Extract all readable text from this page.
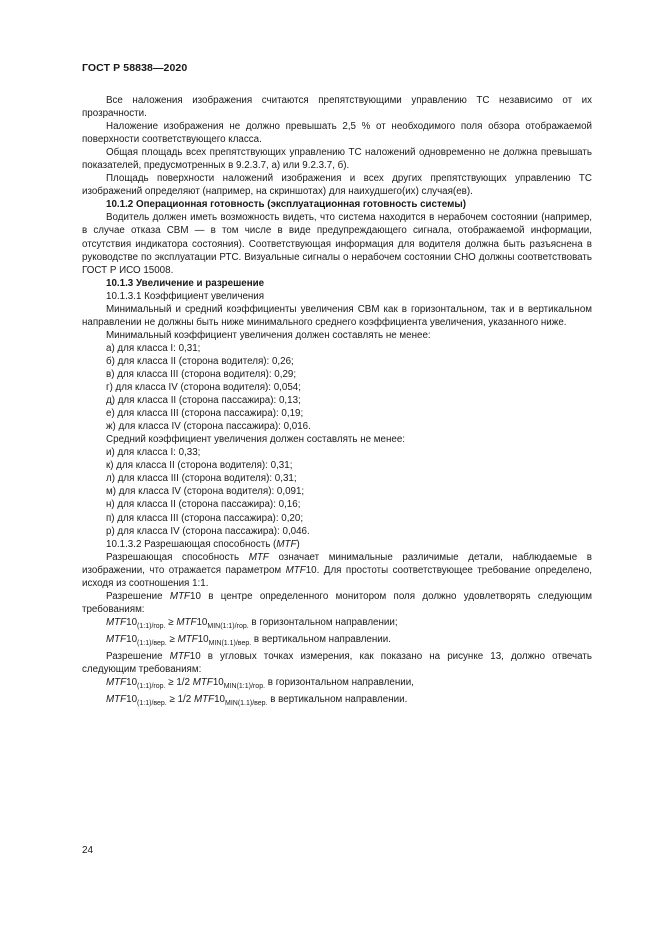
ГОСТ Р 58838—2020

Все наложения изображения считаются препятствующими управлению ТС независимо от их прозрачности.

Наложение изображения не должно превышать 2,5 % от необходимого поля обзора отображаемой поверхности соответствующего класса.

Общая площадь всех препятствующих управлению ТС наложений одновременно не должна превышать показателей, предусмотренных в 9.2.3.7, а) или 9.2.3.7, б).

Площадь поверхности наложений изображения и всех других препятствующих управлению ТС изображений определяют (например, на скриншотах) для наихудшего(их) случая(ев).

10.1.2 Операционная готовность (эксплуатационная готовность системы)

Водитель должен иметь возможность видеть, что система находится в нерабочем состоянии (например, в случае отказа СВМ — в том числе в виде предупреждающего сигнала, отображаемой информации, отсутствия индикатора состояния). Соответствующая информация для водителя должна быть разъяснена в руководстве по эксплуатации РТС. Визуальные сигналы о нерабочем состоянии СНО должны соответствовать ГОСТ Р ИСО 15008.

10.1.3 Увеличение и разрешение

10.1.3.1 Коэффициент увеличения

Минимальный и средний коэффициенты увеличения СВМ как в горизонтальном, так и в вертикальном направлении не должны быть ниже минимального среднего коэффициента увеличения, указанного ниже.

Минимальный коэффициент увеличения должен составлять не менее:

а) для класса I: 0,31;

б) для класса II (сторона водителя): 0,26;

в) для класса III (сторона водителя): 0,29;

г) для класса IV (сторона водителя): 0,054;

д) для класса II (сторона пассажира): 0,13;

е) для класса III (сторона пассажира): 0,19;

ж) для класса IV (сторона пассажира): 0,016.

Средний коэффициент увеличения должен составлять не менее:

и) для класса I: 0,33;

к) для класса II (сторона водителя): 0,31;

л) для класса III (сторона водителя): 0,31;

м) для класса IV (сторона водителя): 0,091;

н) для класса II (сторона пассажира): 0,16;

п) для класса III (сторона пассажира): 0,20;

р) для класса IV (сторона пассажира): 0,046.

10.1.3.2 Разрешающая способность (MTF)

Разрешающая способность MTF означает минимальные различимые детали, наблюдаемые в изображении, что отражается параметром MTF10. Для простоты соответствующее требование определено, исходя из соотношения 1:1.

Разрешение MTF10 в центре определенного монитором поля должно удовлетворять следующим требованиям:

$MTF10_{(1:1)/гор.} \ge MTF10_{MIN(1:1)/гор.}$ в горизонтальном направлении;

$MTF10_{(1:1)/вер.} \ge MTF10_{MIN(1.1)/вер.}$ в вертикальном направлении.

Разрешение MTF10 в угловых точках измерения, как показано на рисунке 13, должно отвечать следующим требованиям:

$MTF10_{(1:1)/гор.} \ge 1/2$ $MTF10_{MIN(1:1)/гор.}$ в горизонтальном направлении,

$MTF10_{(1:1)/вер.} \ge 1/2$ $MTF10_{MIN(1.1)/вер.}$ в вертикальном направлении.

24
